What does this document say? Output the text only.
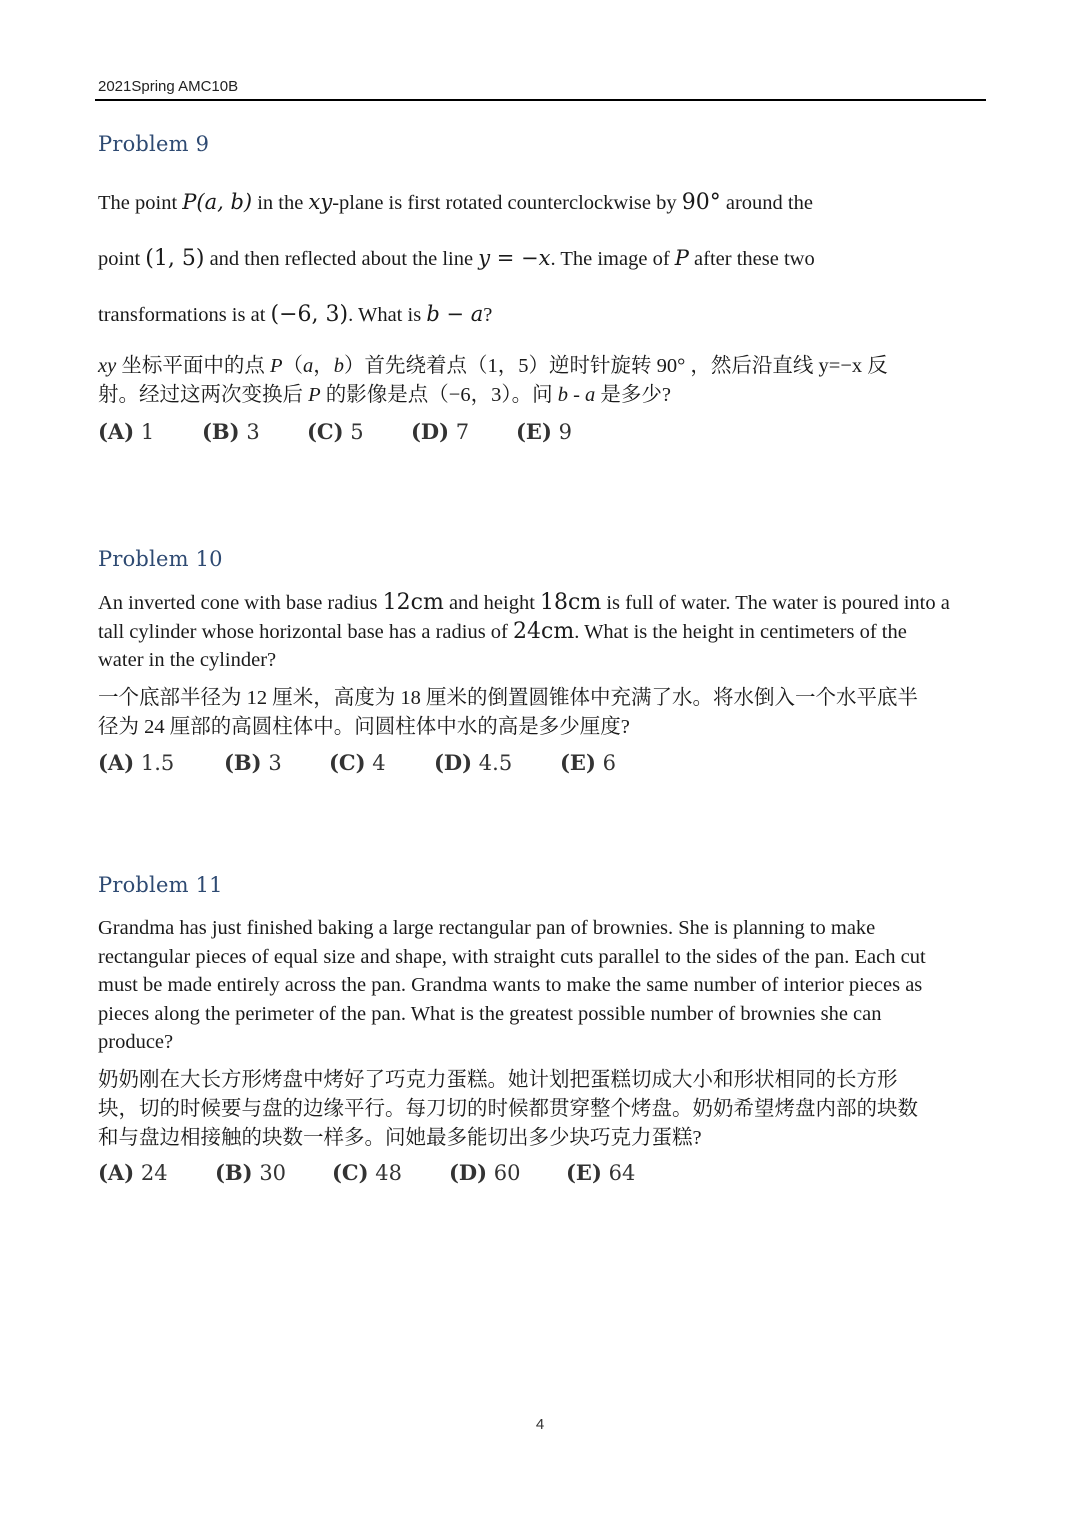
2021Spring AMC10B
Problem 9
The point P(a, b) in the xy-plane is first rotated counterclockwise by 90° around the
point (1, 5) and then reflected about the line y = −x. The image of P after these two
transformations is at (−6, 3). What is b − a?
xy 坐标平面中的点 P（a，b）首先绕着点（1，5）逆时针旋转 90° ，然后沿直线 y=−x 反
射。经过这两次变换后 P 的影像是点（−6，3）。问 b - a 是多少?
(A) 1 (B) 3 (C) 5 (D) 7 (E) 9
Problem 10
An inverted cone with base radius 12cm and height 18cm is full of water. The water is poured into a
tall cylinder whose horizontal base has a radius of 24cm. What is the height in centimeters of the
water in the cylinder?
一个底部半径为 12 厘米，高度为 18 厘米的倒置圆锥体中充满了水。将水倒入一个水平底半
径为 24 厘部的高圆柱体中。问圆柱体中水的高是多少厘度?
(A) 1.5 (B) 3 (C) 4 (D) 4.5 (E) 6
Problem 11
Grandma has just finished baking a large rectangular pan of brownies. She is planning to make
rectangular pieces of equal size and shape, with straight cuts parallel to the sides of the pan. Each cut
must be made entirely across the pan. Grandma wants to make the same number of interior pieces as
pieces along the perimeter of the pan. What is the greatest possible number of brownies she can
produce?
奶奶刚在大长方形烤盘中烤好了巧克力蛋糕。她计划把蛋糕切成大小和形状相同的长方形
块，切的时候要与盘的边缘平行。每刀切的时候都贯穿整个烤盘。奶奶希望烤盘内部的块数
和与盘边相接触的块数一样多。问她最多能切出多少块巧克力蛋糕?
(A) 24 (B) 30 (C) 48 (D) 60 (E) 64
4
